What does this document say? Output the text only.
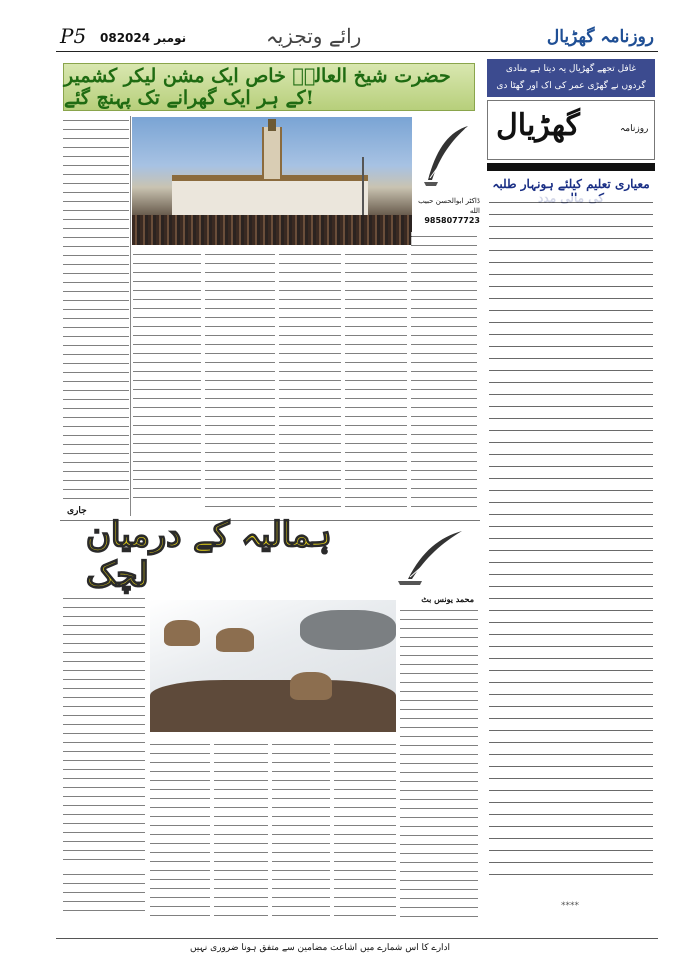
P5 08نومبر 2024	رائے وتجزیہ	روزنامہ گھڑیال
حضرت شیخ العالمؒ خاص ایک مشن لیکر کشمیر کے ہر ایک گھرانے تک پہنچ گئے!
ڈاکٹر ابوالحسن حبیب الله
9858077723
جاری
ہمالیہ کے درمیان لچک
محمد یونس بٹ
غافل تجھے گھڑیال یہ دیتا ہے منادی
گردوں نے گھڑی عمر کی اک اور گھٹا دی
گھڑیال	روزنامہ
معیاری تعلیم کیلئے ہونہار طلبہ
****
ادارے کا اس شمارے میں اشاعت مضامین سے متفق ہونا ضروری نہیں
